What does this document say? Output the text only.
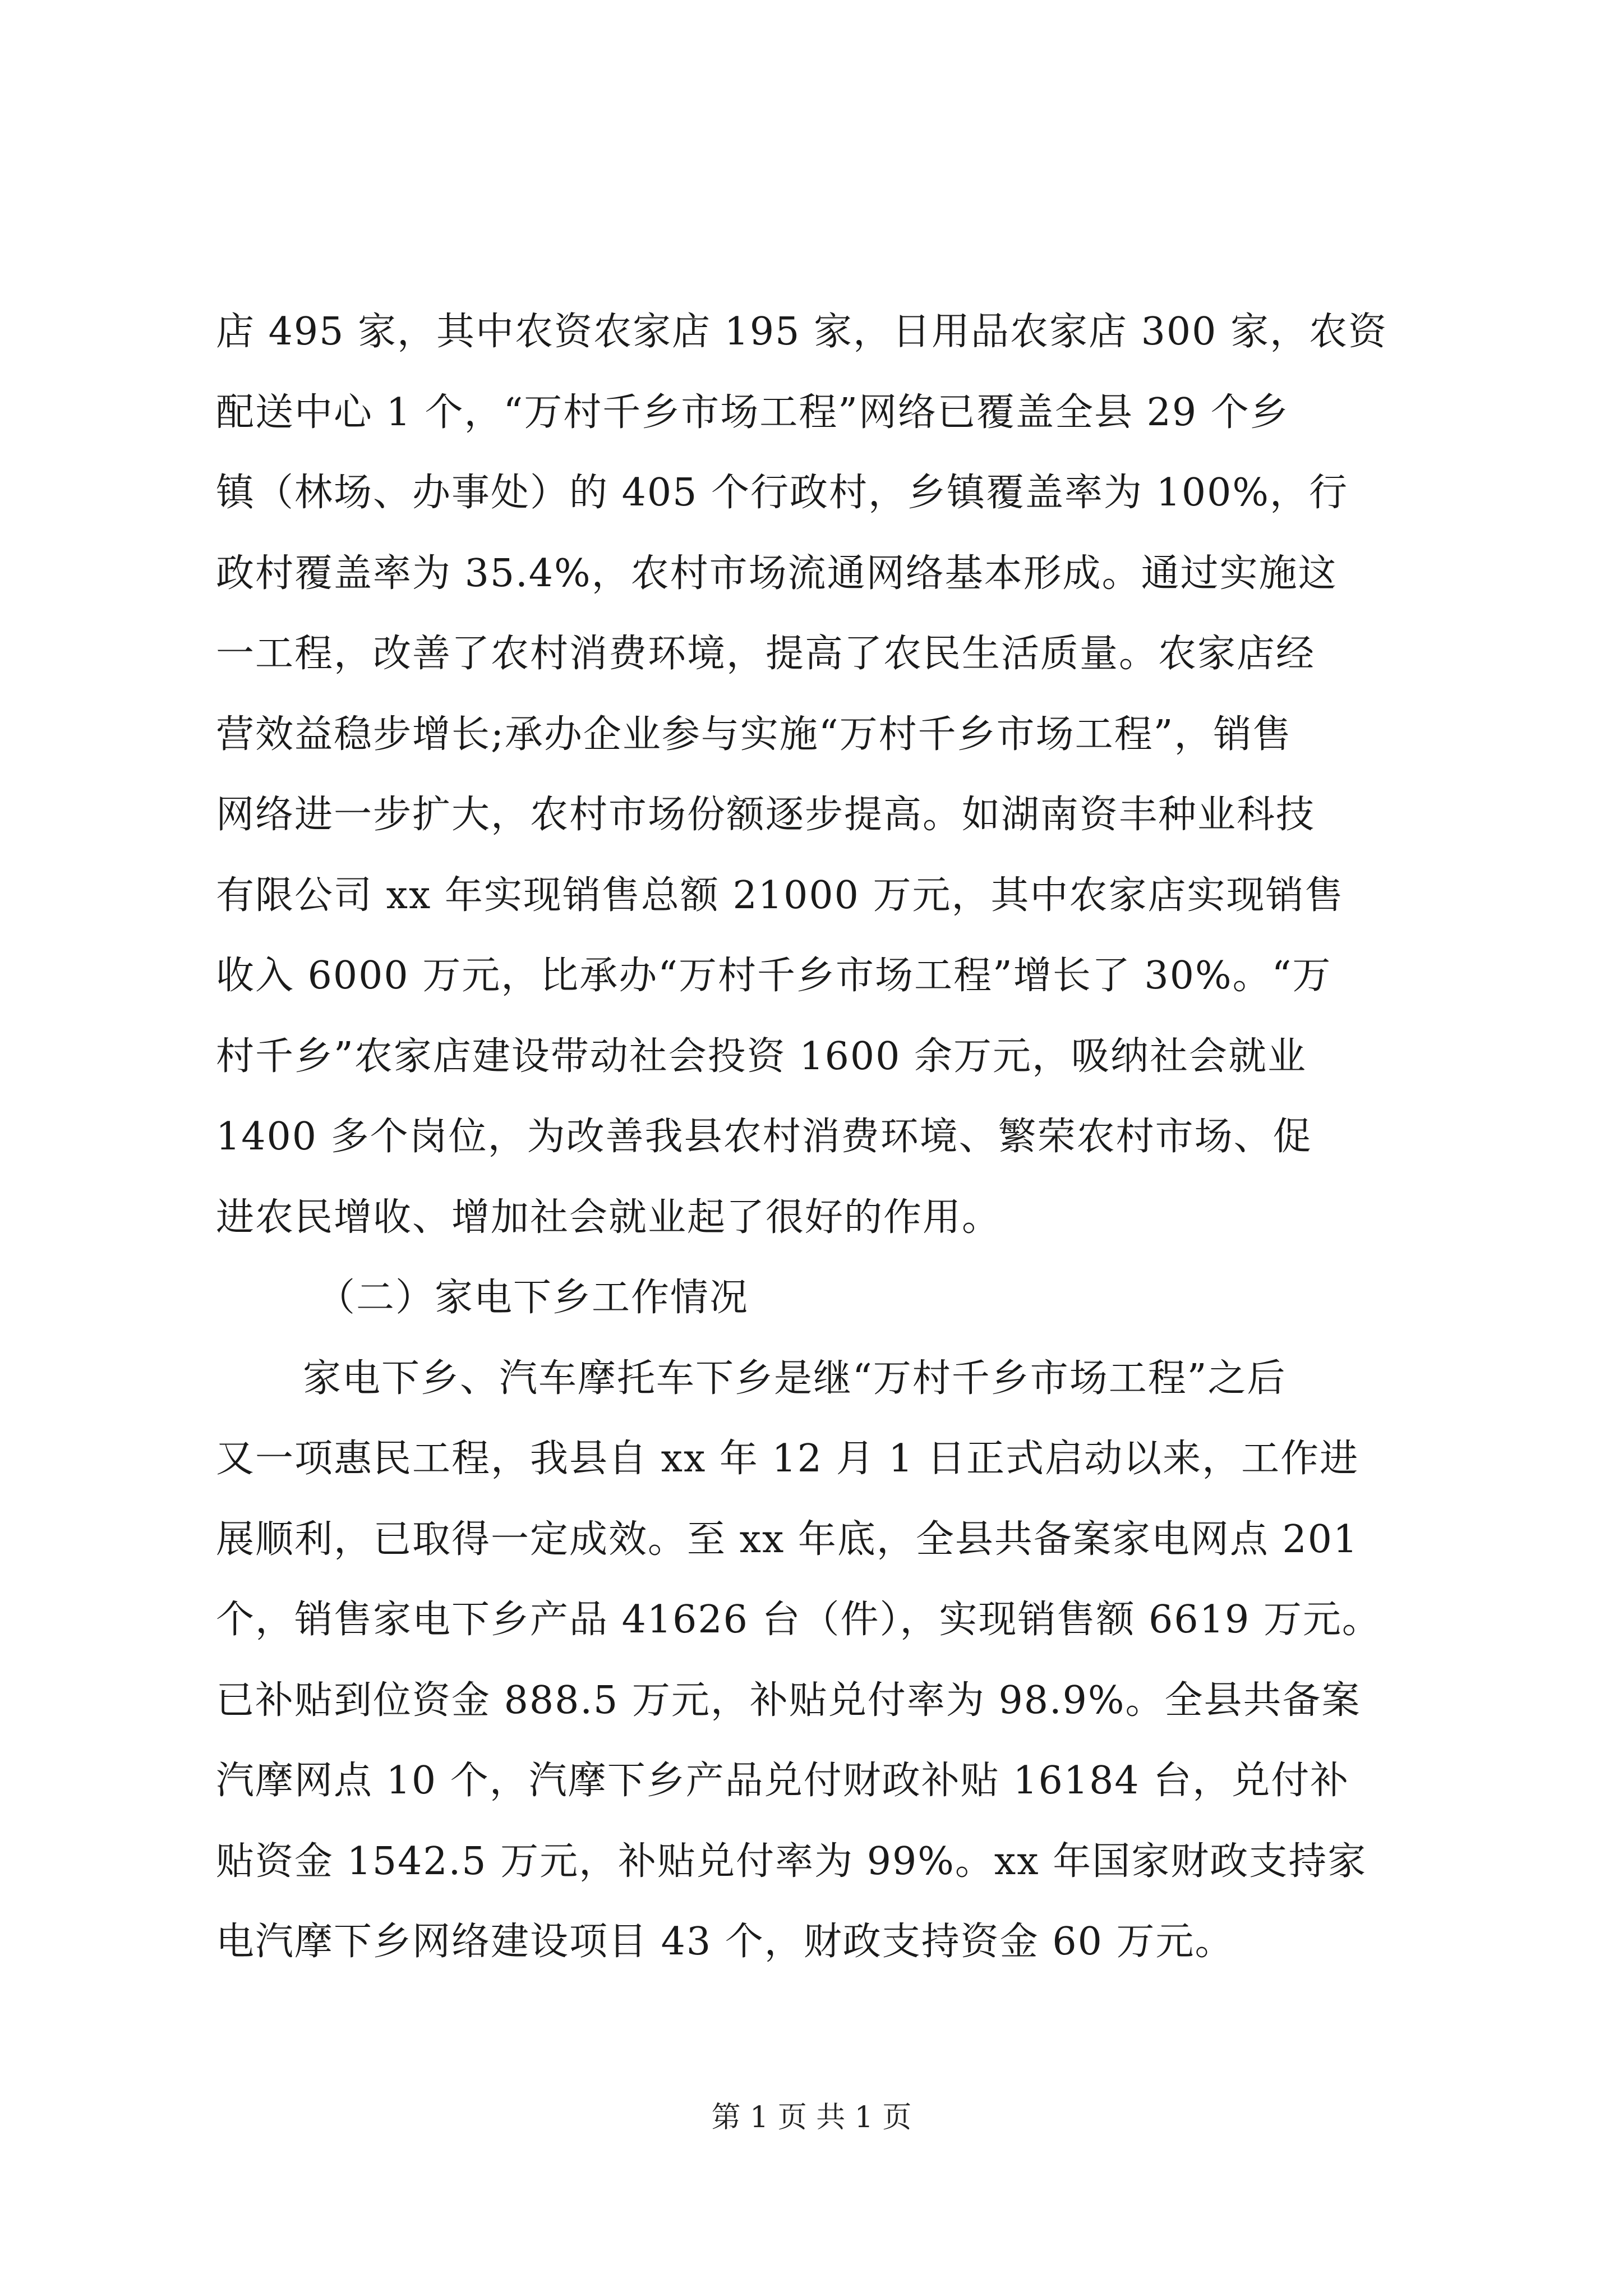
店 495 家，其中农资农家店 195 家，日用品农家店 300 家，农资
配送中心 1 个，“万村千乡市场工程”网络已覆盖全县 29 个乡
镇（林场、办事处）的 405 个行政村，乡镇覆盖率为 100%，行
政村覆盖率为 35.4%，农村市场流通网络基本形成。通过实施这
一工程，改善了农村消费环境，提高了农民生活质量。农家店经
营效益稳步增长;承办企业参与实施“万村千乡市场工程”，销售
网络进一步扩大，农村市场份额逐步提高。如湖南资丰种业科技
有限公司 xx 年实现销售总额 21000 万元，其中农家店实现销售
收入 6000 万元，比承办“万村千乡市场工程”增长了 30%。“万
村千乡”农家店建设带动社会投资 1600 余万元，吸纳社会就业
1400 多个岗位，为改善我县农村消费环境、繁荣农村市场、促
进农民增收、增加社会就业起了很好的作用。
（二）家电下乡工作情况
家电下乡、汽车摩托车下乡是继“万村千乡市场工程”之后
又一项惠民工程，我县自 xx 年 12 月 1 日正式启动以来，工作进
展顺利，已取得一定成效。至 xx 年底，全县共备案家电网点 201
个，销售家电下乡产品 41626 台（件），实现销售额 6619 万元。
已补贴到位资金 888.5 万元，补贴兑付率为 98.9%。全县共备案
汽摩网点 10 个，汽摩下乡产品兑付财政补贴 16184 台，兑付补
贴资金 1542.5 万元，补贴兑付率为 99%。xx 年国家财政支持家
电汽摩下乡网络建设项目 43 个，财政支持资金 60 万元。
第 1 页 共 1 页
